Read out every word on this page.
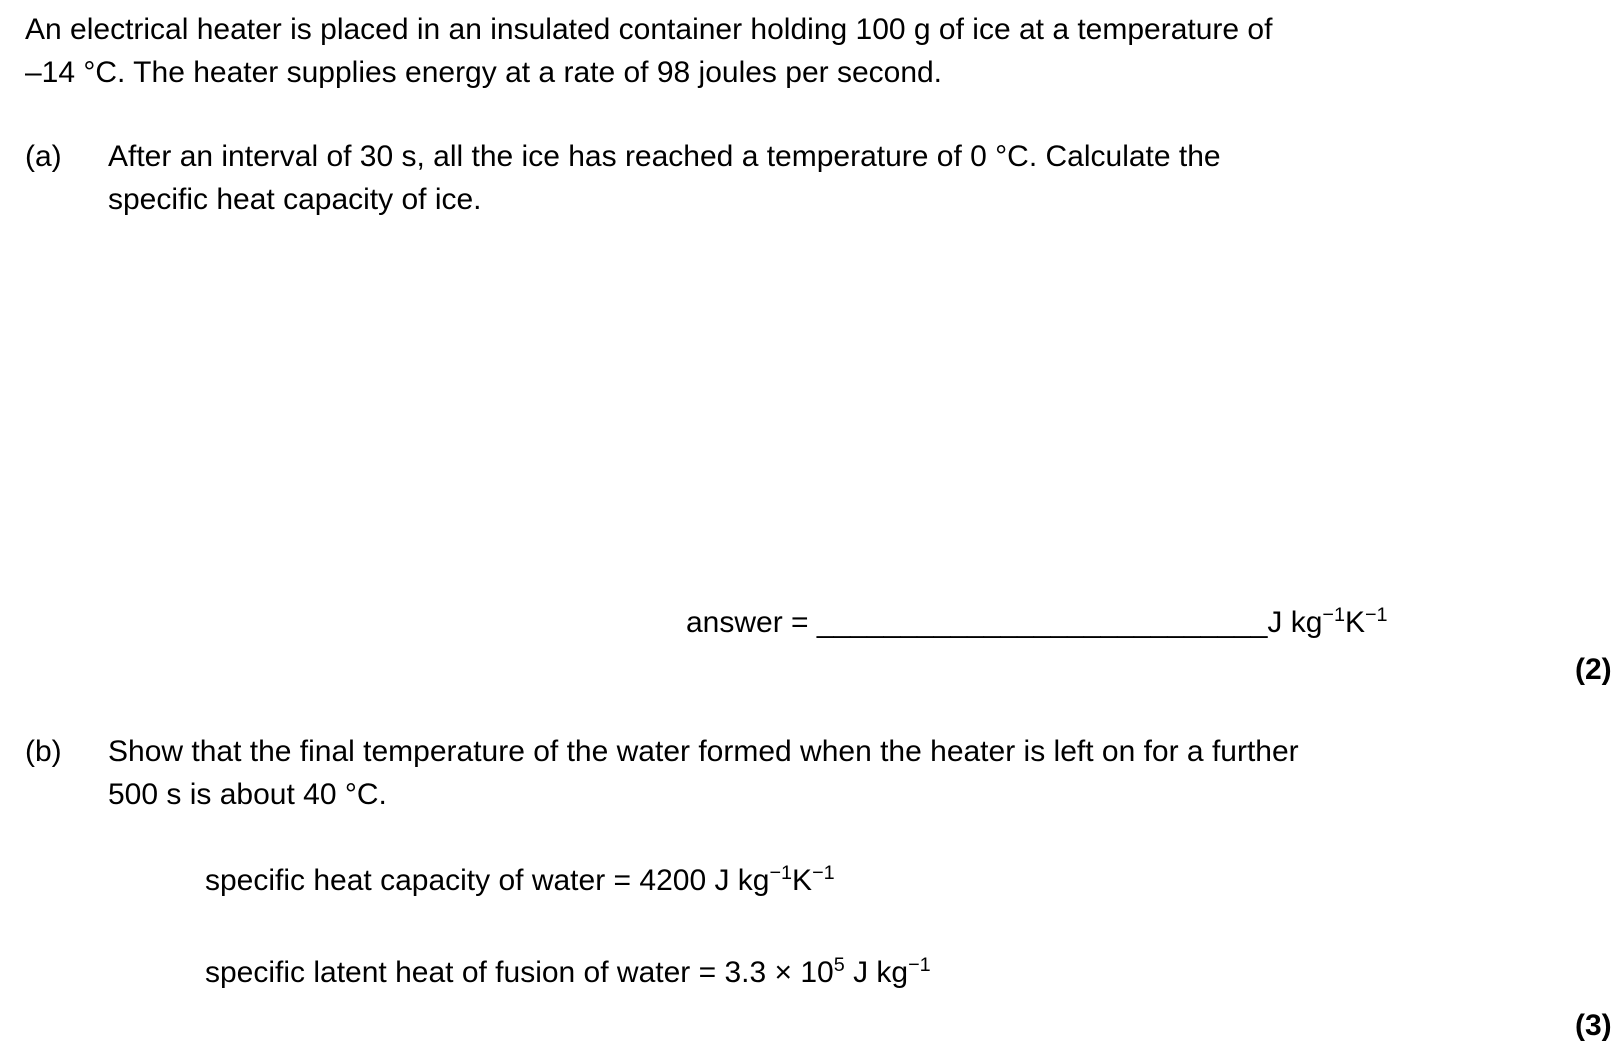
An electrical heater is placed in an insulated container holding 100 g of ice at a temperature of
–14 °C. The heater supplies energy at a rate of 98 joules per second.
(a) After an interval of 30 s, all the ice has reached a temperature of 0 °C. Calculate the
specific heat capacity of ice.
answer = ___________________________J $kg^{-1}K^{-1}$
(2)
(b) Show that the final temperature of the water formed when the heater is left on for a further
500 s is about 40 °C.
specific heat capacity of water = 4200 J $kg^{-1}K^{-1}$
specific latent heat of fusion of water = $3.3 \times 10^5$ J $kg^{-1}$
(3)
